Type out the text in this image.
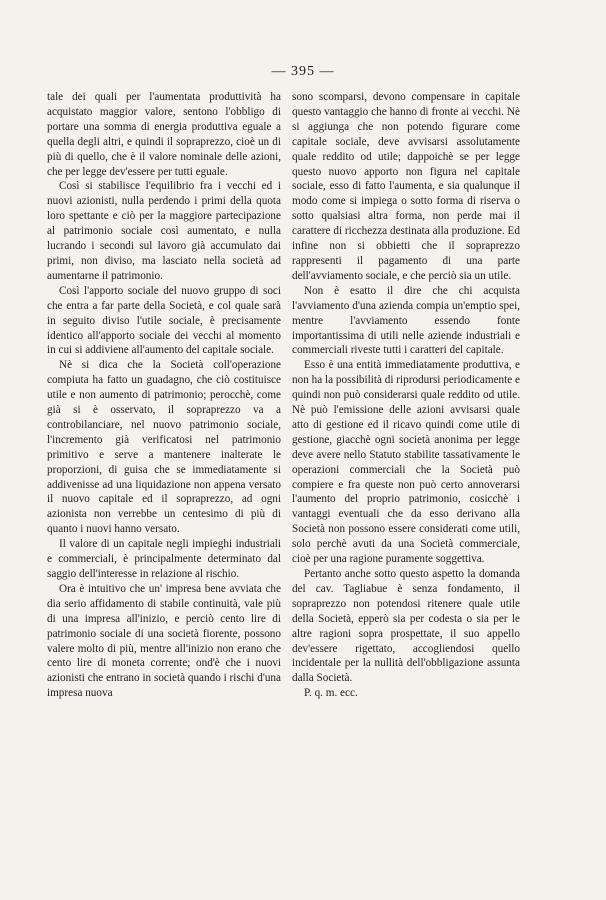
— 395 —

tale dei quali per l'aumentata produttività ha acquistato maggior valore, sentono l'obbligo di portare una somma di energia produttiva eguale a quella degli altri, e quindi il sopraprezzo, cioè un di più di quello, che è il valore nominale delle azioni, che per legge dev'essere per tutti eguale.

Così si stabilisce l'equilibrio fra i vecchi ed i nuovi azionisti, nulla perdendo i primi della quota loro spettante e ciò per la maggiore partecipazione al patrimonio sociale così aumentato, e nulla lucrando i secondi sul lavoro già accumulato dai primi, non diviso, ma lasciato nella società ad aumentarne il patrimonio.

Così l'apporto sociale del nuovo gruppo di soci che entra a far parte della Società, e col quale sarà in seguito diviso l'utile sociale, è precisamente identico all'apporto sociale dei vecchi al momento in cui si addiviene all'aumento del capitale sociale.

Nè si dica che la Società coll'operazione compiuta ha fatto un guadagno, che ciò costituisce utile e non aumento di patrimonio; perocchè, come già si è osservato, il sopraprezzo va a controbilanciare, nel nuovo patrimonio sociale, l'incremento già verificatosi nel patrimonio primitivo e serve a mantenere inalterate le proporzioni, di guisa che se immediatamente si addivenisse ad una liquidazione non appena versato il nuovo capitale ed il sopraprezzo, ad ogni azionista non verrebbe un centesimo di più di quanto i nuovi hanno versato.

Il valore di un capitale negli impieghi industriali e commerciali, è principalmente determinato dal saggio dell'interesse in relazione al rischio.

Ora è intuitivo che un' impresa bene avviata che dia serio affidamento di stabile continuità, vale più di una impresa all'inizio, e perciò cento lire di patrimonio sociale di una società fiorente, possono valere molto di più, mentre all'inizio non erano che cento lire di moneta corrente; ond'è che i nuovi azionisti che entrano in società quando i rischi d'una impresa nuova

sono scomparsi, devono compensare in capitale questo vantaggio che hanno di fronte ai vecchi. Nè si aggiunga che non potendo figurare come capitale sociale, deve avvisarsi assolutamente quale reddito od utile; dappoichè se per legge questo nuovo apporto non figura nel capitale sociale, esso di fatto l'aumenta, e sia qualunque il modo come si impiega o sotto forma di riserva o sotto qualsiasi altra forma, non perde mai il carattere di ricchezza destinata alla produzione. Ed infine non si obbietti che il sopraprezzo rappresenti il pagamento di una parte dell'avviamento sociale, e che perciò sia un utile.

Non è esatto il dire che chi acquista l'avviamento d'una azienda compia un'emptio spei, mentre l'avviamento essendo fonte importantissima di utili nelle aziende industriali e commerciali riveste tutti i caratteri del capitale.

Esso è una entità immediatamente produttiva, e non ha la possibilità di riprodursi periodicamente e quindi non può considerarsi quale reddito od utile. Nè può l'emissione delle azioni avvisarsi quale atto di gestione ed il ricavo quindi come utile di gestione, giacchè ogni società anonima per legge deve avere nello Statuto stabilite tassativamente le operazioni commerciali che la Società può compiere e fra queste non può certo annoverarsi l'aumento del proprio patrimonio, cosicchè i vantaggi eventuali che da esso derivano alla Società non possono essere considerati come utili, solo perchè avuti da una Società commerciale, cioè per una ragione puramente soggettiva.

Pertanto anche sotto questo aspetto la domanda del cav. Tagliabue è senza fondamento, il sopraprezzo non potendosi ritenere quale utile della Società, epperò sia per codesta o sia per le altre ragioni sopra prospettate, il suo appello dev'essere rigettato, accogliendosi quello incidentale per la nullità dell'obbligazione assunta dalla Società.

P. q. m. ecc.
